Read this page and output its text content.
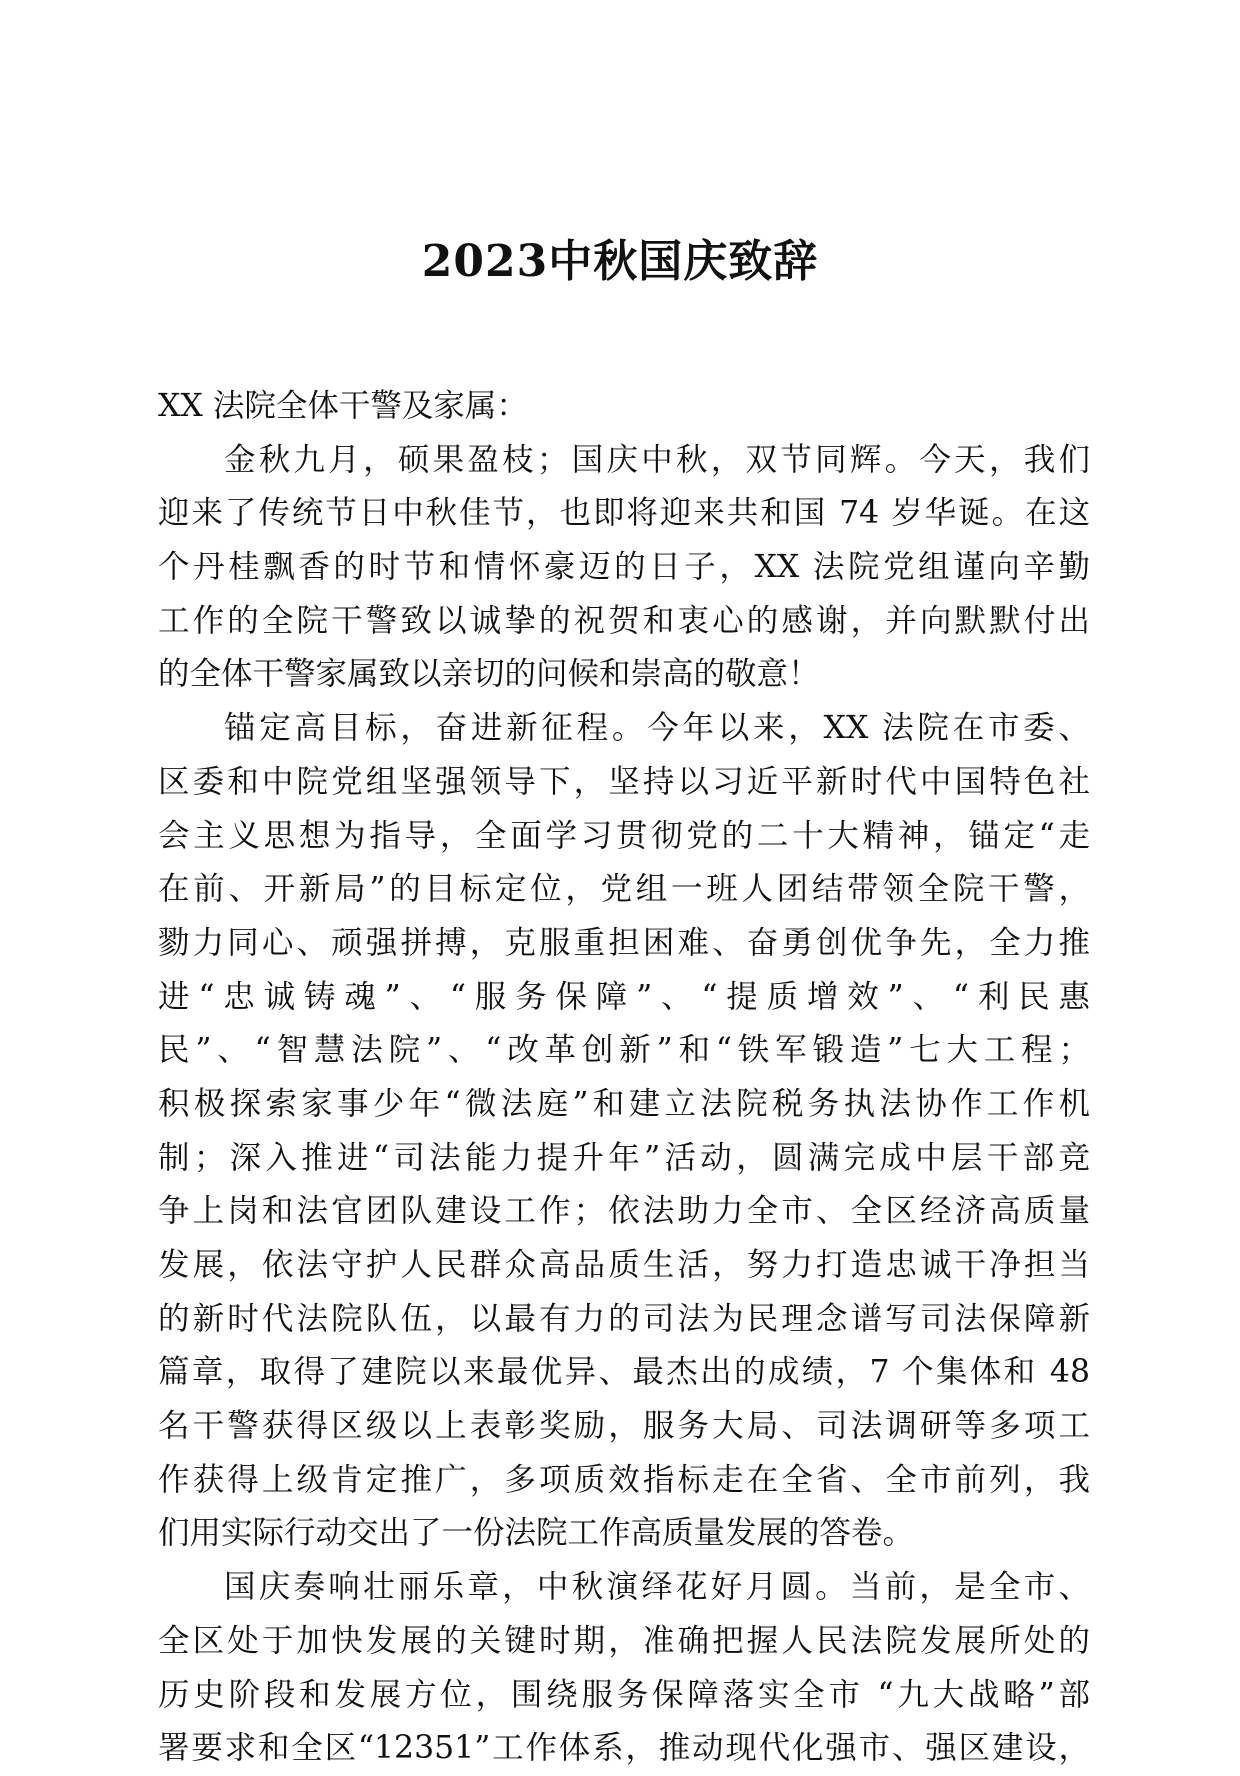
2023中秋国庆致辞
XX 法院全体干警及家属：
金秋九月，硕果盈枝；国庆中秋，双节同辉。今天，我们
迎来了传统节日中秋佳节，也即将迎来共和国 74 岁华诞。在这
个丹桂飘香的时节和情怀豪迈的日子，XX 法院党组谨向辛勤
工作的全院干警致以诚挚的祝贺和衷心的感谢，并向默默付出
的全体干警家属致以亲切的问候和崇高的敬意！
锚定高目标，奋进新征程。今年以来，XX 法院在市委、
区委和中院党组坚强领导下，坚持以习近平新时代中国特色社
会主义思想为指导，全面学习贯彻党的二十大精神，锚定“走
在前、开新局”的目标定位，党组一班人团结带领全院干警，
勠力同心、顽强拼搏，克服重担困难、奋勇创优争先，全力推
进“忠诚铸魂”、“服务保障”、“提质增效”、“利民惠
民”、“智慧法院”、“改革创新”和“铁军锻造”七大工程；
积极探索家事少年“微法庭”和建立法院税务执法协作工作机
制；深入推进“司法能力提升年”活动，圆满完成中层干部竞
争上岗和法官团队建设工作；依法助力全市、全区经济高质量
发展，依法守护人民群众高品质生活，努力打造忠诚干净担当
的新时代法院队伍，以最有力的司法为民理念谱写司法保障新
篇章，取得了建院以来最优异、最杰出的成绩，7 个集体和 48
名干警获得区级以上表彰奖励，服务大局、司法调研等多项工
作获得上级肯定推广，多项质效指标走在全省、全市前列，我
们用实际行动交出了一份法院工作高质量发展的答卷。
国庆奏响壮丽乐章，中秋演绎花好月圆。当前，是全市、
全区处于加快发展的关键时期，准确把握人民法院发展所处的
历史阶段和发展方位，围绕服务保障落实全市 “九大战略”部
署要求和全区“12351”工作体系，推动现代化强市、强区建设，
